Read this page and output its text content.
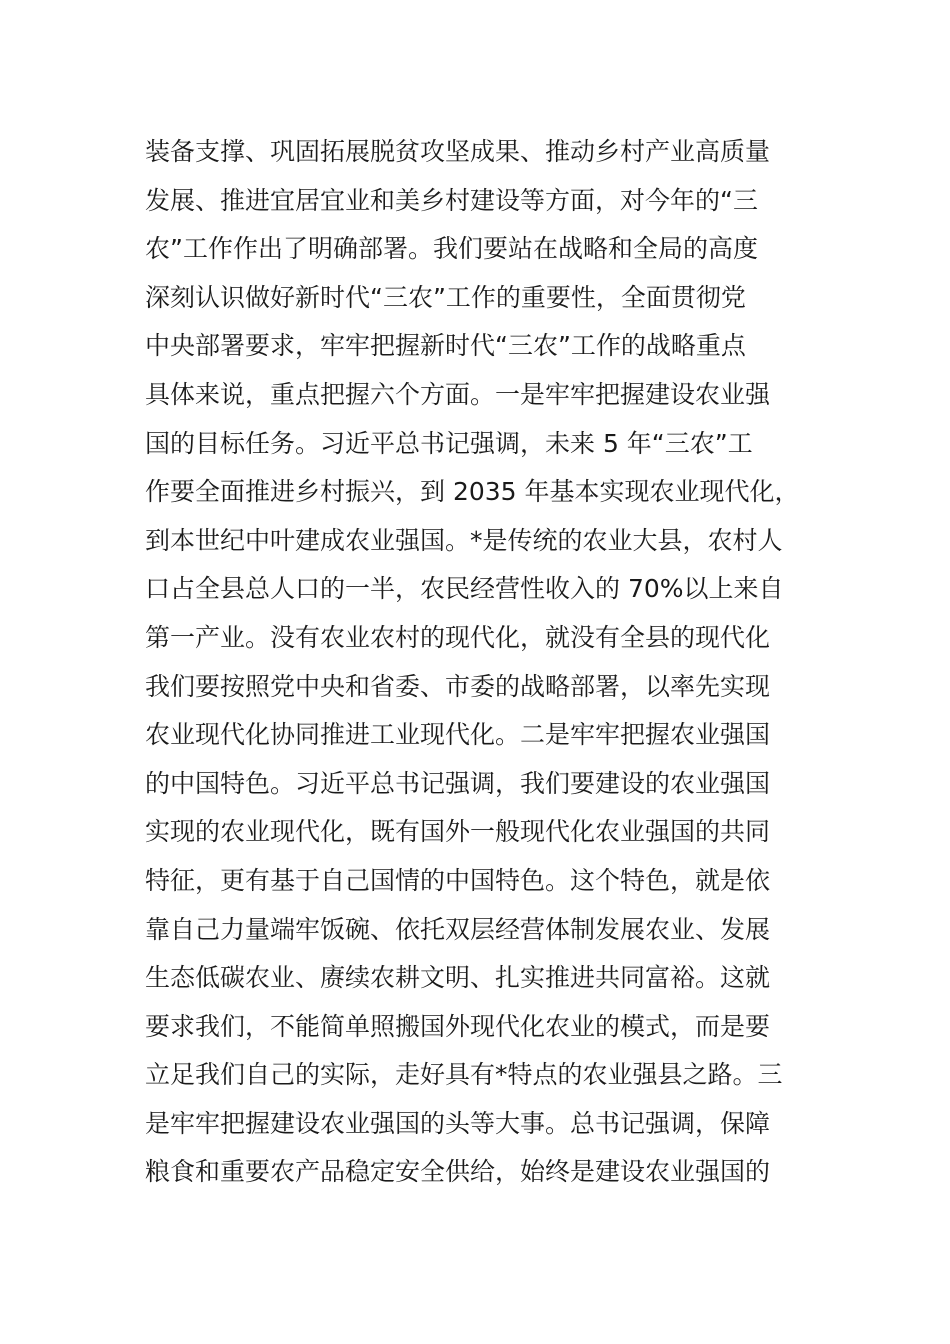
装备支撑、巩固拓展脱贫攻坚成果、推动乡村产业高质量
发展、推进宜居宜业和美乡村建设等方面，对今年的“三
农”工作作出了明确部署。我们要站在战略和全局的高度
深刻认识做好新时代“三农”工作的重要性，全面贯彻党
中央部署要求，牢牢把握新时代“三农”工作的战略重点
具体来说，重点把握六个方面。一是牢牢把握建设农业强
国的目标任务。习近平总书记强调，未来 5 年“三农”工
作要全面推进乡村振兴，到 2035 年基本实现农业现代化，
到本世纪中叶建成农业强国。*是传统的农业大县，农村人
口占全县总人口的一半，农民经营性收入的 70%以上来自
第一产业。没有农业农村的现代化，就没有全县的现代化
我们要按照党中央和省委、市委的战略部署，以率先实现
农业现代化协同推进工业现代化。二是牢牢把握农业强国
的中国特色。习近平总书记强调，我们要建设的农业强国
实现的农业现代化，既有国外一般现代化农业强国的共同
特征，更有基于自己国情的中国特色。这个特色，就是依
靠自己力量端牢饭碗、依托双层经营体制发展农业、发展
生态低碳农业、赓续农耕文明、扎实推进共同富裕。这就
要求我们，不能简单照搬国外现代化农业的模式，而是要
立足我们自己的实际，走好具有*特点的农业强县之路。三
是牢牢把握建设农业强国的头等大事。总书记强调，保障
粮食和重要农产品稳定安全供给，始终是建设农业强国的
